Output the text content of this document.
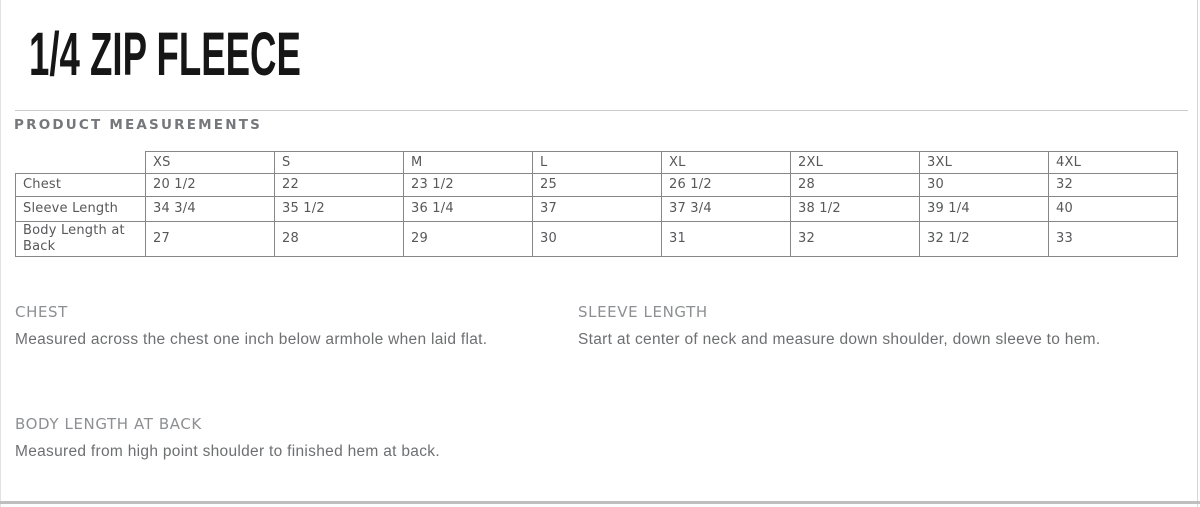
1/4 ZIP FLEECE
PRODUCT MEASUREMENTS
	XS	S	M	L	XL	2XL	3XL	4XL
Chest	20 1/2	22	23 1/2	25	26 1/2	28	30	32
Sleeve Length	34 3/4	35 1/2	36 1/4	37	37 3/4	38 1/2	39 1/4	40
Body Length at Back	27	28	29	30	31	32	32 1/2	33
CHEST
Measured across the chest one inch below armhole when laid flat.
SLEEVE LENGTH
Start at center of neck and measure down shoulder, down sleeve to hem.
BODY LENGTH AT BACK
Measured from high point shoulder to finished hem at back.
